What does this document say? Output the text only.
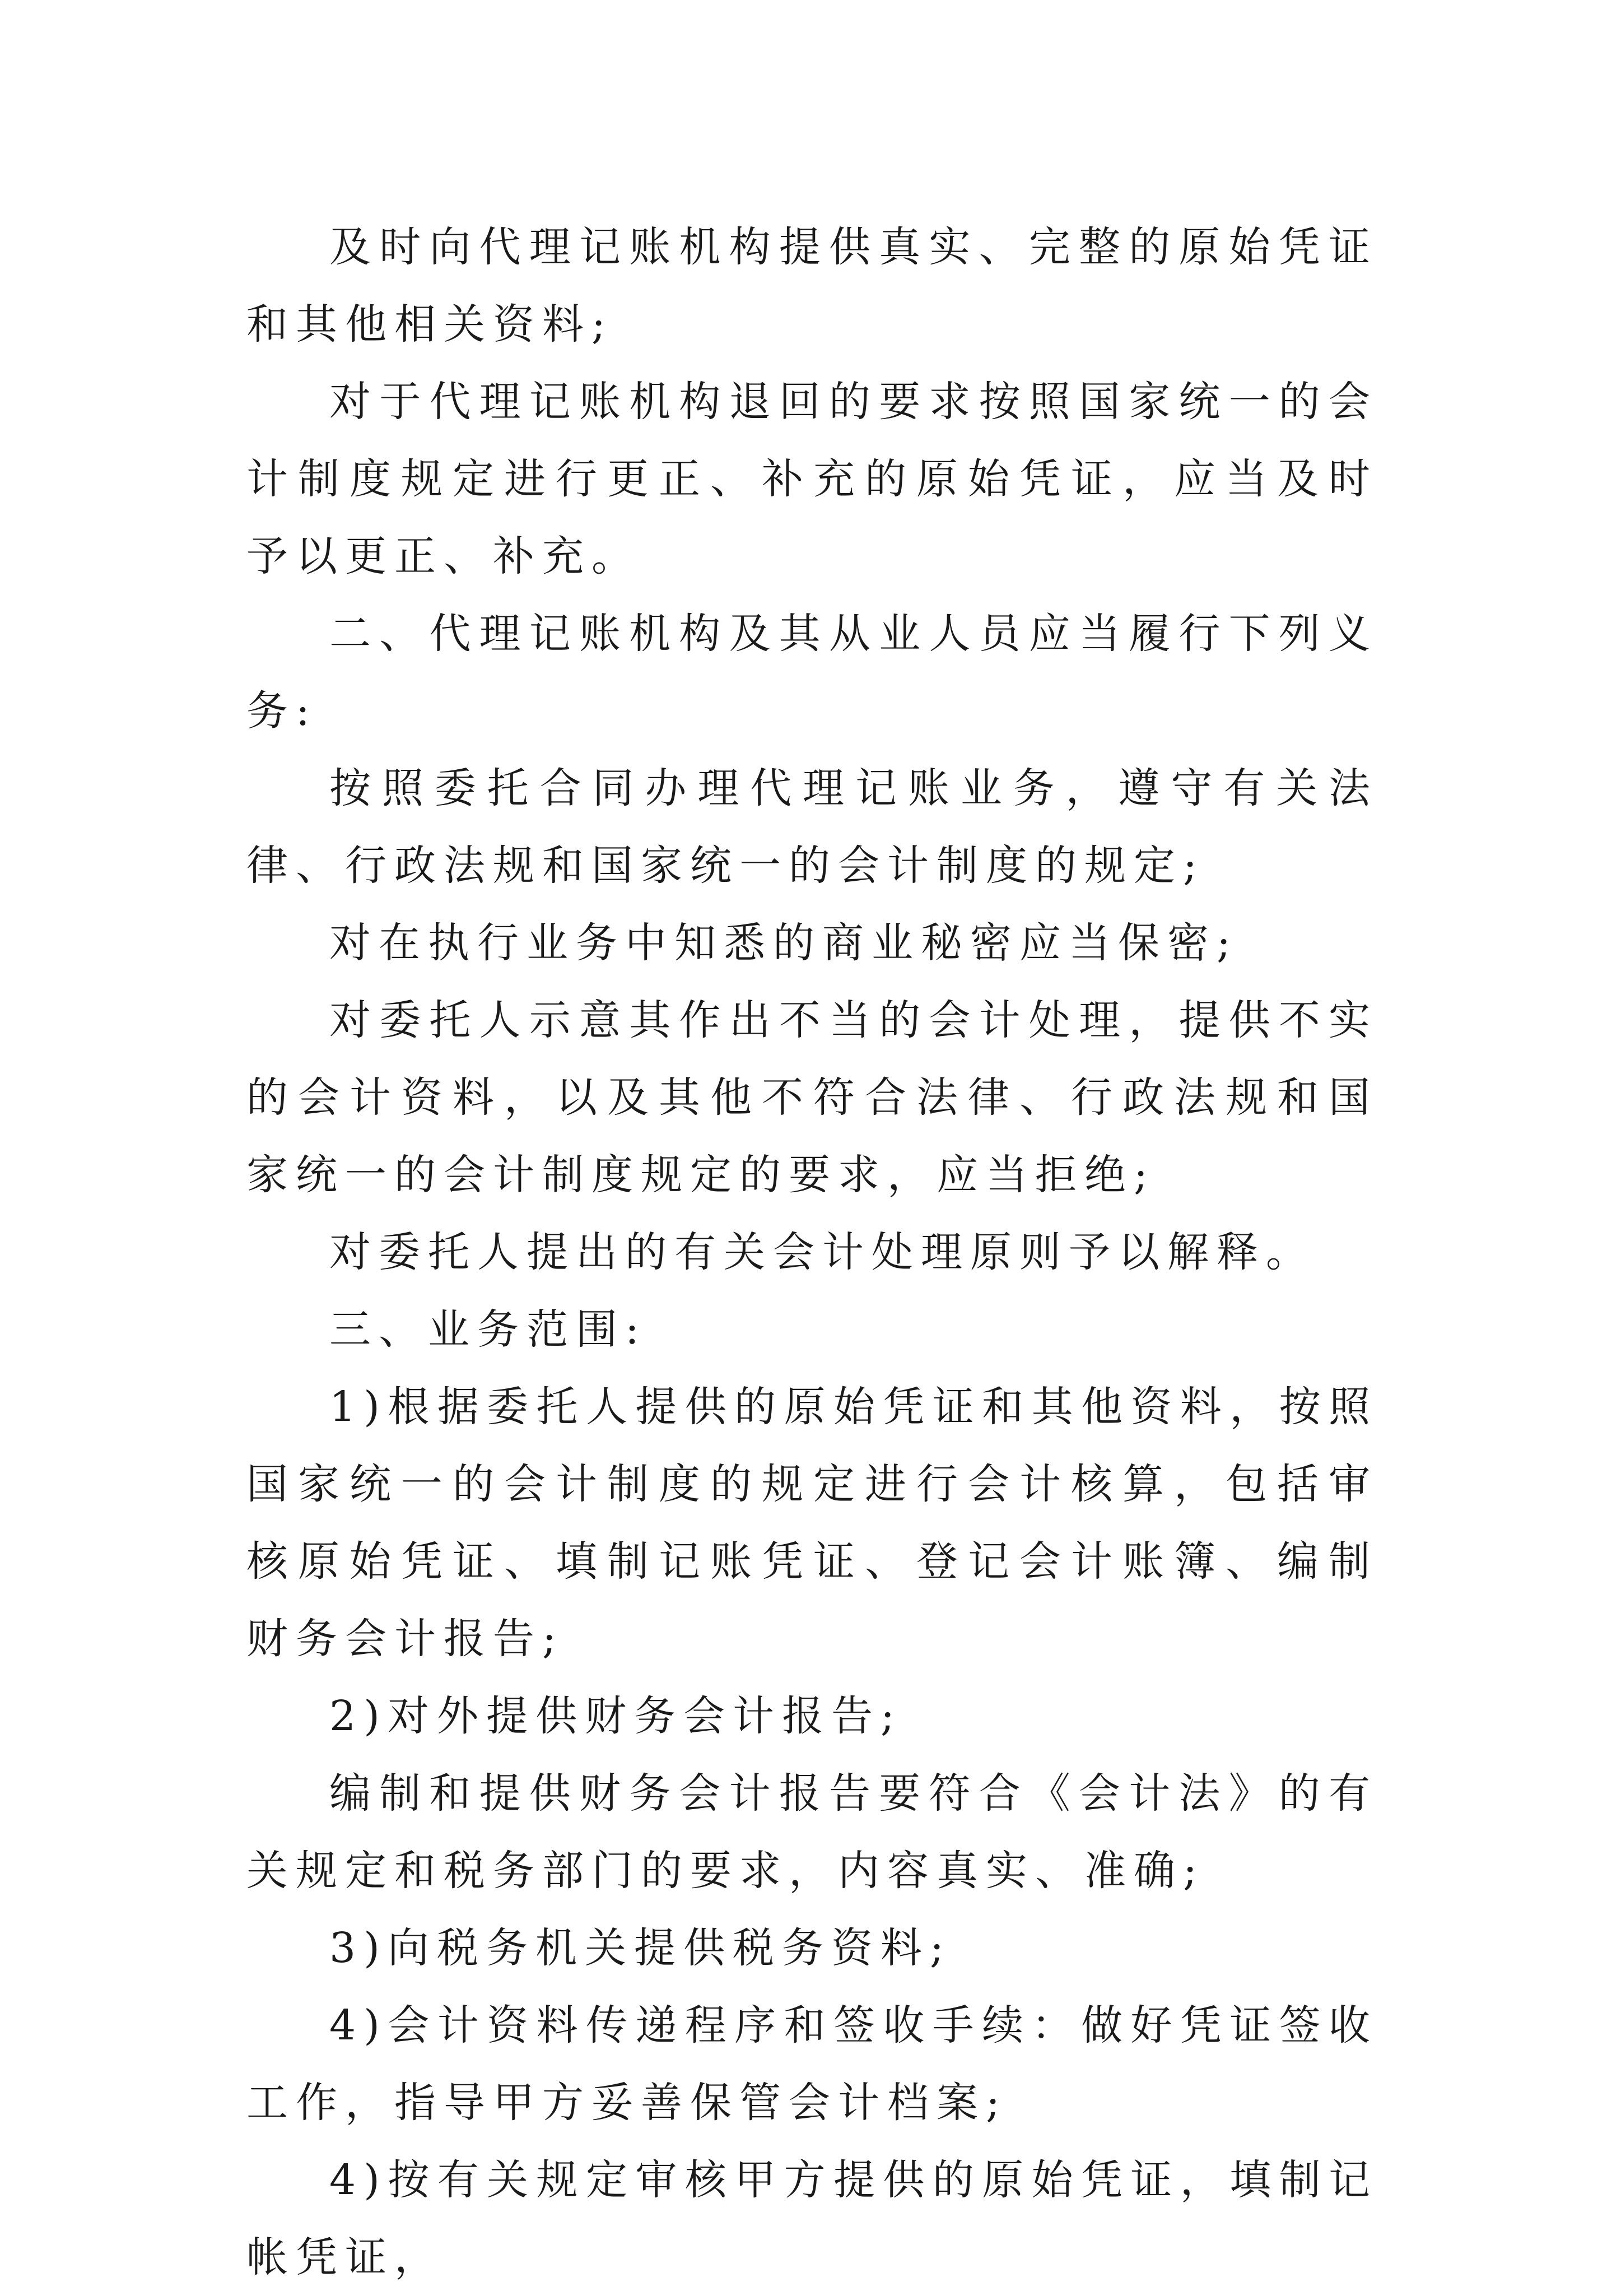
及时向代理记账机构提供真实、完整的原始凭证和其他相关资料;

对于代理记账机构退回的要求按照国家统一的会计制度规定进行更正、补充的原始凭证，应当及时予以更正、补充。

二、代理记账机构及其从业人员应当履行下列义务:

按照委托合同办理代理记账业务，遵守有关法律、行政法规和国家统一的会计制度的规定;

对在执行业务中知悉的商业秘密应当保密;

对委托人示意其作出不当的会计处理，提供不实的会计资料，以及其他不符合法律、行政法规和国家统一的会计制度规定的要求，应当拒绝;

对委托人提出的有关会计处理原则予以解释。

三、业务范围:

1)根据委托人提供的原始凭证和其他资料，按照国家统一的会计制度的规定进行会计核算，包括审核原始凭证、填制记账凭证、登记会计账簿、编制财务会计报告;

2)对外提供财务会计报告;

编制和提供财务会计报告要符合《会计法》的有关规定和税务部门的要求，内容真实、准确;

3)向税务机关提供税务资料;

4)会计资料传递程序和签收手续：做好凭证签收工作，指导甲方妥善保管会计档案;

4)按有关规定审核甲方提供的原始凭证，填制记帐凭证，
